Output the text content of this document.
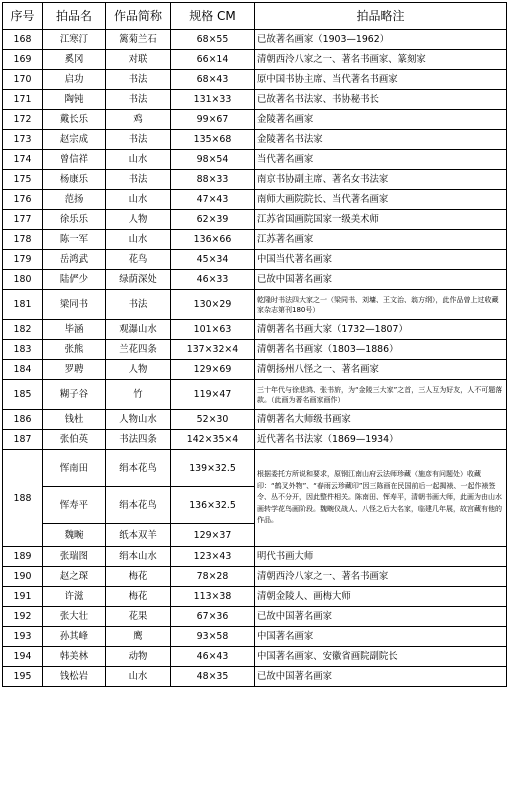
序号	拍品名	作品简称	规格 CM	拍品略注
168	江寒汀	篱菊兰石	68×55	已故著名画家（1903—1962）
169	奚冈	对联	66×14	清朝西泠八家之一、著名书画家、篆刻家
170	启功	书法	68×43	原中国书协主席、当代著名书画家
171	陶钝	书法	131×33	已故著名书法家、书协秘书长
172	戴长乐	鸡	99×67	金陵著名画家
173	赵宗成	书法	135×68	金陵著名书法家
174	曾信祥	山水	98×54	当代著名画家
175	杨康乐	书法	88×33	南京书协副主席、著名女书法家
176	范扬	山水	47×43	南师大画院院长、当代著名画家
177	徐乐乐	人物	62×39	江苏省国画院国家一级美术师
178	陈一军	山水	136×66	江苏著名画家
179	岳鸿武	花鸟	45×34	中国当代著名画家
180	陆俨少	绿荫深处	46×33	已故中国著名画家
181	梁同书	书法	130×29	乾隆时书法四大家之一（梁同书、刘墉、王文治、翁方纲），此作品曾上过收藏家杂志第刊180号）
182	毕涵	观瀑山水	101×63	清朝著名书画大家（1732—1807）
183	张熊	兰花四条	137×32×4	清朝著名书画家（1803—1886）
184	罗聘	人物	129×69	清朝扬州八怪之一、著名画家
185	糊子谷	竹	119×47	三十年代与徐悲鸿、张书旂，为“金陵三大家”之首，三人互为好友，人不可题落款。（此画为著名画家画作）
186	钱杜	人物山水	52×30	清朝著名大师级书画家
187	张伯英	书法四条	142×35×4	近代著名书法家（1869—1934）
188	恽南田	绢本花鸟	139×32.5	根据委托方所说和要求，原钢江南山府云法师珍藏（施彦有问题处）收藏印：“鹤叉外物”、“春雨云珍藏印”因三陈画在民国前后一起揭裱、一起作裱签令、丛不分开，因此整件相关。陈南田、恽寿平，清朝书画大师，此画为由山水画转学花鸟画阶段。魏畹仪战人、八怪之后大名家，临建几年展，故宫藏有他的作品。
	恽寿平	绢本花鸟	136×32.5	
	魏畹	纸本双羊	129×37	
189	张瑞图	绢本山水	123×43	明代书画大师
190	赵之琛	梅花	78×28	清朝西泠八家之一、著名书画家
191	许滋	梅花	113×38	清朝金陵人、画梅大师
192	张大壮	花果	67×36	已故中国著名画家
193	孙其峰	鹰	93×58	中国著名画家
194	韩美林	动物	46×43	中国著名画家、安徽省画院副院长
195	钱松岩	山水	48×35	已故中国著名画家
